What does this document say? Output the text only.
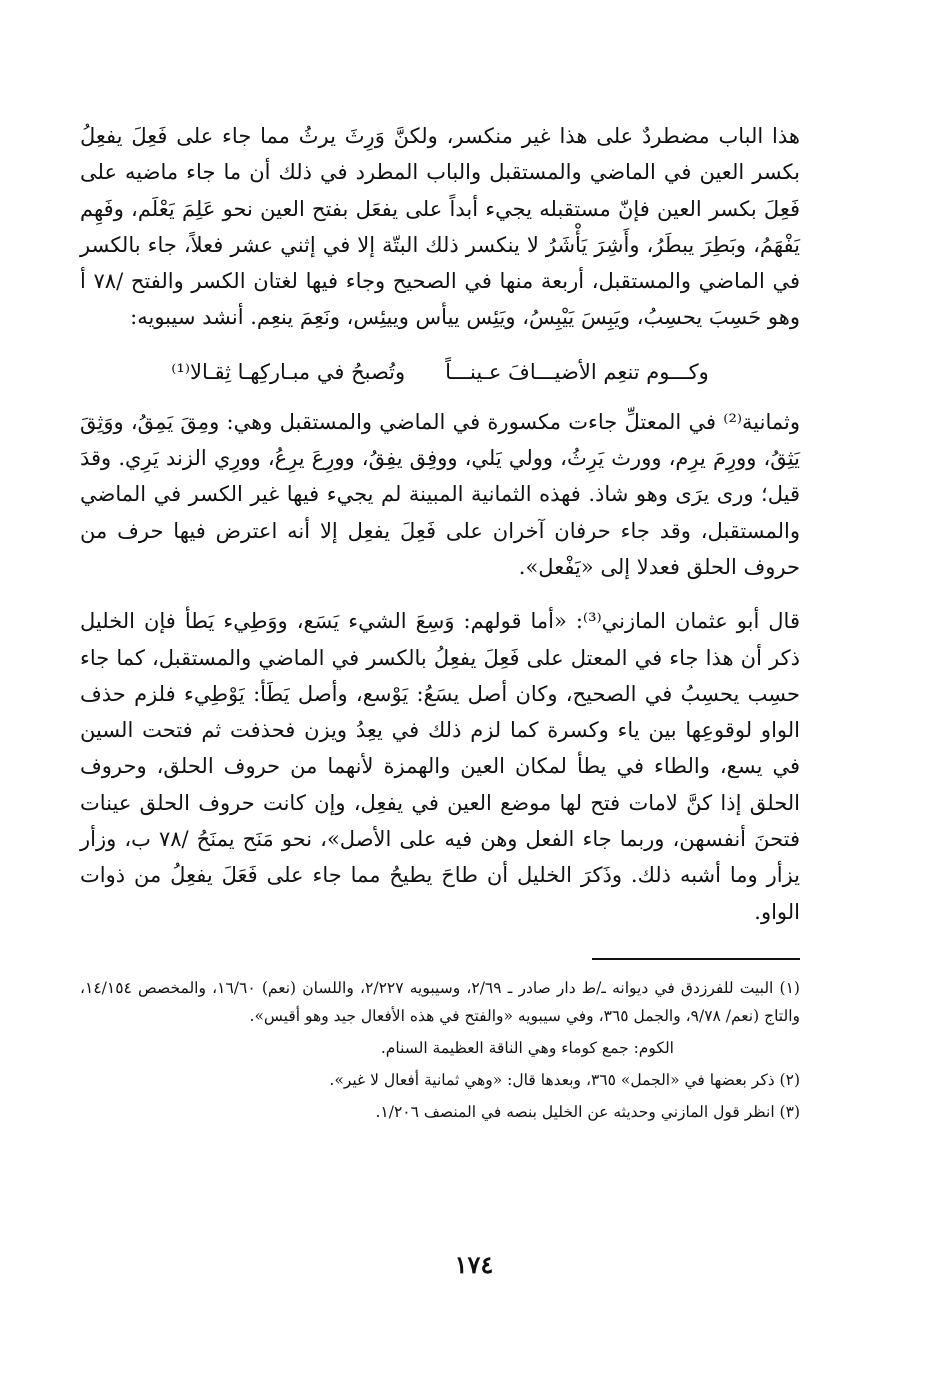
هذا الباب مضطردٌ على هذا غير منكسر، ولكنَّ وَرِثَ يرثُ مما جاء على فَعِلَ يفعِلُ بكسر العين في الماضي والمستقبل والباب المطرد في ذلك أن ما جاء ماضيه على فَعِلَ بكسر العين فإنّ مستقبله يجيء أبداً على يفعَل بفتح العين نحو عَلِمَ يَعْلَم، وفَهِم يَفْهَمُ، وبَطِرَ يبطَرُ، وأَشِرَ يَأْشَرُ لا ينكسر ذلك البتّة إلا في إثني عشر فعلاً، جاء بالكسر في الماضي والمستقبل، أربعة منها في الصحيح وجاء فيها لغتان الكسر والفتح /٧٨ أ وهو حَسِبَ يحسِبُ، ويَبِسَ يَيْبِسُ، ويَئِس ييأس وييئِس، ونَعِمَ ينعِم. أنشد سيبويه:

وكـــوم تنعِم الأضيـــافَ عـينـــاً
وتُصبحُ في مبـاركِهـا ثِقـالا⁽¹⁾

وثمانية⁽²⁾ في المعتلِّ جاءت مكسورة في الماضي والمستقبل وهي: ومِقَ يَمِقُ، ووَثِقَ يَثِقُ، وورِمَ يرِم، وورث يَرِثُ، وولي يَلي، ووفِق يفِقُ، وورِعَ يرِعُ، وورِي الزند يَرِي. وقدَ قيل؛ ورى يرَى وهو شاذ. فهذه الثمانية المبينة لم يجيء فيها غير الكسر في الماضي والمستقبل، وقد جاء حرفان آخران على فَعِلَ يفعِل إلا أنه اعترض فيها حرف من حروف الحلق فعدلا إلى «يَفْعل».

قال أبو عثمان المازني⁽³⁾: «أما قولهم: وَسِعَ الشيء يَسَع، ووَطِيء يَطأ فإن الخليل ذكر أن هذا جاء في المعتل على فَعِلَ يفعِلُ بالكسر في الماضي والمستقبل، كما جاء حسِب يحسِبُ في الصحيح، وكان أصل يسَعُ: يَوْسع، وأصل يَطَأ: يَوْطِيء فلزم حذف الواو لوقوعِها بين ياء وكسرة كما لزم ذلك في يعِدُ ويزن فحذفت ثم فتحت السين في يسع، والطاء في يطأ لمكان العين والهمزة لأنهما من حروف الحلق، وحروف الحلق إذا كنَّ لامات فتح لها موضع العين في يفعِل، وإن كانت حروف الحلق عينات فتحنَ أنفسهن، وربما جاء الفعل وهن فيه على الأصل»، نحو مَنَح يمنَحُ /٧٨ ب، وزأر يزأر وما أشبه ذلك. وذَكرَ الخليل أن طاحَ يطيحُ مما جاء على فَعَلَ يفعِلُ من ذوات الواو.

(١) البيت للفرزدق في ديوانه ـ/ط دار صادر ـ ٢/٦٩، وسيبويه ٢/٢٢٧، واللسان (نعم) ١٦/٦٠، والمخصص ١٤/١٥٤، والتاج (نعم/ ٩/٧٨، والجمل ٣٦٥، وفي سيبويه «والفتح في هذه الأفعال جيد وهو أقيس».

الكوم: جمع كوماء وهي الناقة العظيمة السنام.

(٢) ذكر بعضها في «الجمل» ٣٦٥، وبعدها قال: «وهي ثمانية أفعال لا غير».

(٣) انظر قول المازني وحديثه عن الخليل بنصه في المنصف ١/٢٠٦.

١٧٤
